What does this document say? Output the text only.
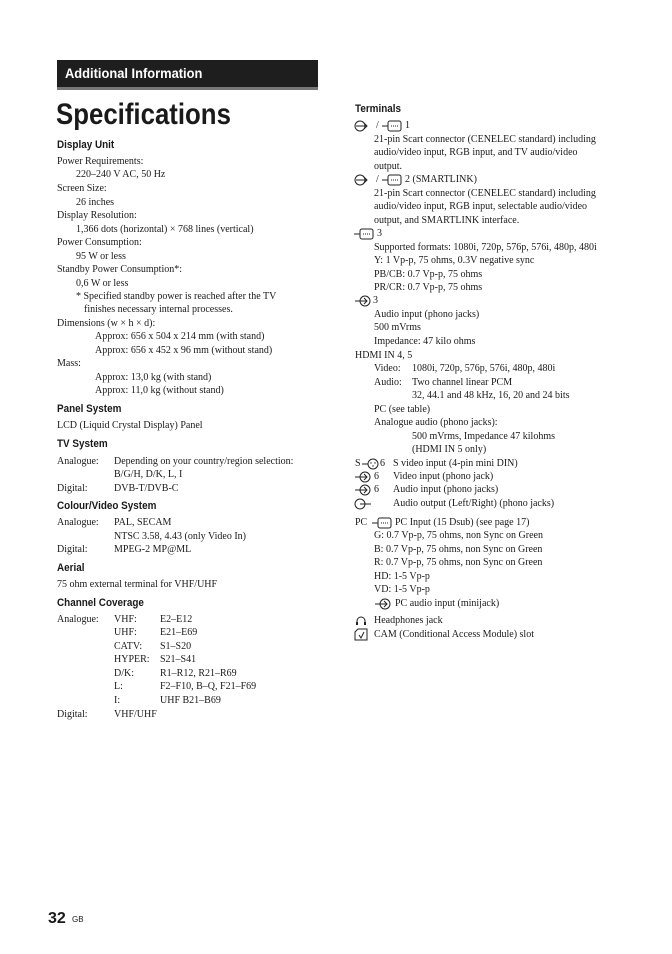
Additional Information
Specifications
Display Unit
Power Requirements:
220–240 V AC, 50 Hz
Screen Size:
26 inches
Display Resolution:
1,366 dots (horizontal) × 768 lines (vertical)
Power Consumption:
95 W or less
Standby Power Consumption*:
0,6 W or less
* Specified standby power is reached after the TV
finishes necessary internal processes.
Dimensions (w × h × d):
Approx: 656 x 504 x 214 mm (with stand)
Approx: 656 x 452 x 96 mm (without stand)
Mass:
Approx: 13,0 kg (with stand)
Approx: 11,0 kg (without stand)
Panel System
LCD (Liquid Crystal Display) Panel
TV System
Analogue: Depending on your country/region selection:
B/G/H, D/K, L, I
Digital:	DVB-T/DVB-C
Colour/Video System
Analogue: PAL, SECAM
NTSC 3.58, 4.43 (only Video In)
Digital:	MPEG-2 MP@ML
Aerial
75 ohm external terminal for VHF/UHF
Channel Coverage
Analogue: VHF: E2–E12
UHF: E21–E69
CATV: S1–S20
HYPER: S21–S41
D/K:	R1–R12, R21–R69
L:	F2–F10, B–Q, F21–F69
I:	UHF B21–B69
Digital:	VHF/UHF
Terminals
/	1
21-pin Scart connector (CENELEC standard) including
audio/video input, RGB input, and TV audio/video
output.
/	2 (SMARTLINK)
21-pin Scart connector (CENELEC standard) including
audio/video input, RGB input, selectable audio/video
output, and SMARTLINK interface.
3
Supported formats: 1080i, 720p, 576p, 576i, 480p, 480i
Y: 1 Vp-p, 75 ohms, 0.3V negative sync
PB/CB: 0.7 Vp-p, 75 ohms
PR/CR: 0.7 Vp-p, 75 ohms
3
Audio input (phono jacks)
500 mVrms
Impedance: 47 kilo ohms
HDMI IN 4, 5
Video: 1080i, 720p, 576p, 576i, 480p, 480i
Audio: Two channel linear PCM
32, 44.1 and 48 kHz, 16, 20 and 24 bits
PC (see table)
Analogue audio (phono jacks):
500 mVrms, Impedance 47 kilohms
(HDMI IN 5 only)
S 6 S video input (4-pin mini DIN)
6 Video input (phono jack)
6 Audio input (phono jacks)
Audio output (Left/Right) (phono jacks)
PC	PC Input (15 Dsub) (see page 17)
G: 0.7 Vp-p, 75 ohms, non Sync on Green
B: 0.7 Vp-p, 75 ohms, non Sync on Green
R: 0.7 Vp-p, 75 ohms, non Sync on Green
HD: 1-5 Vp-p
VD: 1-5 Vp-p
PC audio input (minijack)
Headphones jack
CAM (Conditional Access Module) slot
32 GB
